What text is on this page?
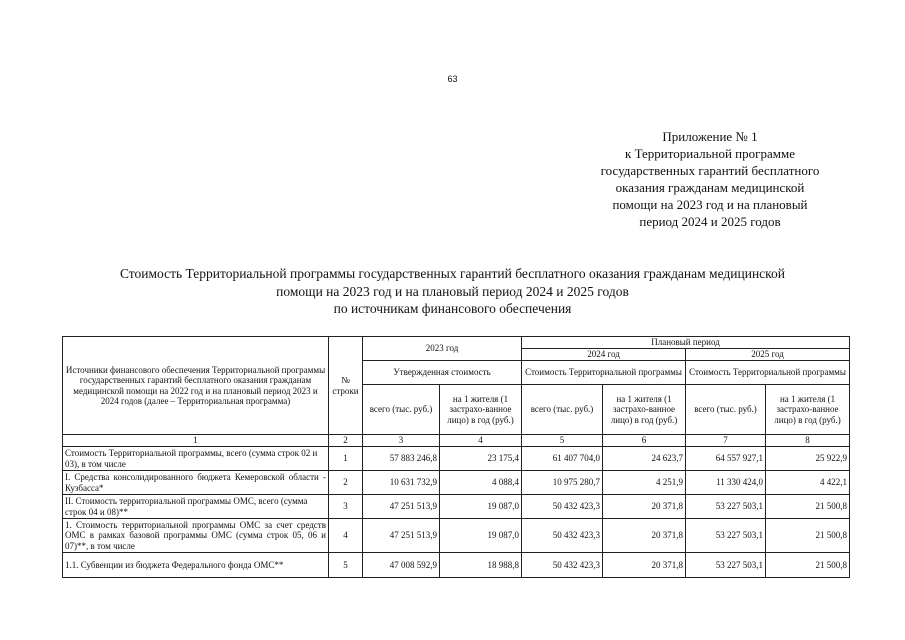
63
Приложение № 1
к Территориальной программе
государственных гарантий бесплатного
оказания гражданам медицинской
помощи на 2023 год и на плановый
период 2024 и 2025 годов
Стоимость Территориальной программы государственных гарантий бесплатного оказания гражданам медицинской
помощи на 2023 год и на плановый период 2024 и 2025 годов
по источникам финансового обеспечения
Источники финансового обеспечения Территориальной программы государственных гарантий бесплатного оказания гражданам медицинской помощи на 2022 год и на плановый период 2023 и 2024 годов (далее – Территориальная программа)	№ строки	2023 год		Плановый период			
				2024 год		2025 год	
		Утвержденная стоимость		Стоимость Территориальной программы		Стоимость Территориальной программы	
		всего (тыс. руб.)	на 1 жителя (1 застрахо-ванное лицо) в год (руб.)	всего (тыс. руб.)	на 1 жителя (1 застрахо-ванное лицо) в год (руб.)	всего (тыс. руб.)	на 1 жителя (1 застрахо-ванное лицо) в год (руб.)
1	2	3	4	5	6	7	8
Стоимость Территориальной программы, всего (сумма строк 02 и 03), в том числе	1	57 883 246,8	23 175,4	61 407 704,0	24 623,7	64 557 927,1	25 922,9
I. Средства консолидированного бюджета Кемеровской области - Кузбасса*	2	10 631 732,9	4 088,4	10 975 280,7	4 251,9	11 330 424,0	4 422,1
II. Стоимость территориальной программы ОМС, всего (сумма строк 04 и 08)**	3	47 251 513,9	19 087,0	50 432 423,3	20 371,8	53 227 503,1	21 500,8
1. Стоимость территориальной программы ОМС за счет средств ОМС в рамках базовой программы ОМС (сумма строк 05, 06 и 07)**, в том числе	4	47 251 513,9	19 087,0	50 432 423,3	20 371,8	53 227 503,1	21 500,8
1.1. Субвенции из бюджета Федерального фонда ОМС**	5	47 008 592,9	18 988,8	50 432 423,3	20 371,8	53 227 503,1	21 500,8
